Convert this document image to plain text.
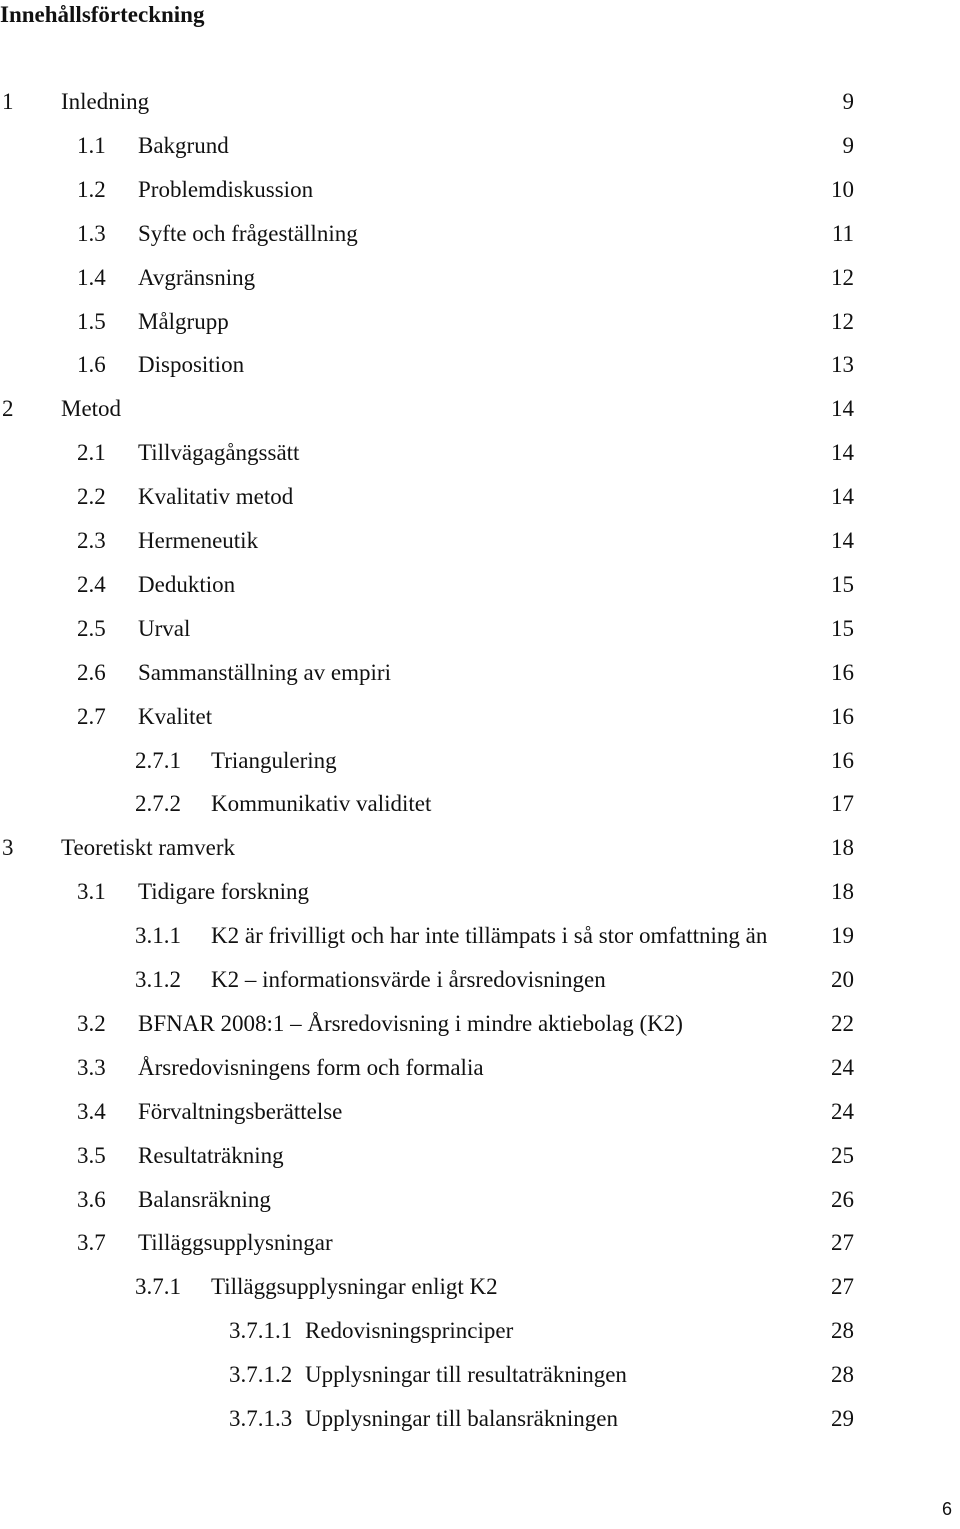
Innehållsförteckning
1 Inledning	9
1.1 Bakgrund	9
1.2 Problemdiskussion	10
1.3 Syfte och frågeställning	11
1.4 Avgränsning	12
1.5 Målgrupp	12
1.6 Disposition	13
2 Metod	14
2.1 Tillvägagångssätt	14
2.2 Kvalitativ metod	14
2.3 Hermeneutik	14
2.4 Deduktion	15
2.5 Urval	15
2.6 Sammanställning av empiri	16
2.7 Kvalitet	16
2.7.1 Triangulering	16
2.7.2 Kommunikativ validitet	17
3 Teoretiskt ramverk	18
3.1 Tidigare forskning	18
3.1.1 K2 är frivilligt och har inte tillämpats i så stor omfattning än	19
3.1.2 K2 – informationsvärde i årsredovisningen	20
3.2 BFNAR 2008:1 – Årsredovisning i mindre aktiebolag (K2)	22
3.3 Årsredovisningens form och formalia	24
3.4 Förvaltningsberättelse	24
3.5 Resultaträkning	25
3.6 Balansräkning	26
3.7 Tilläggsupplysningar	27
3.7.1 Tilläggsupplysningar enligt K2	27
3.7.1.1 Redovisningsprinciper	28
3.7.1.2 Upplysningar till resultaträkningen	28
3.7.1.3 Upplysningar till balansräkningen	29
6
